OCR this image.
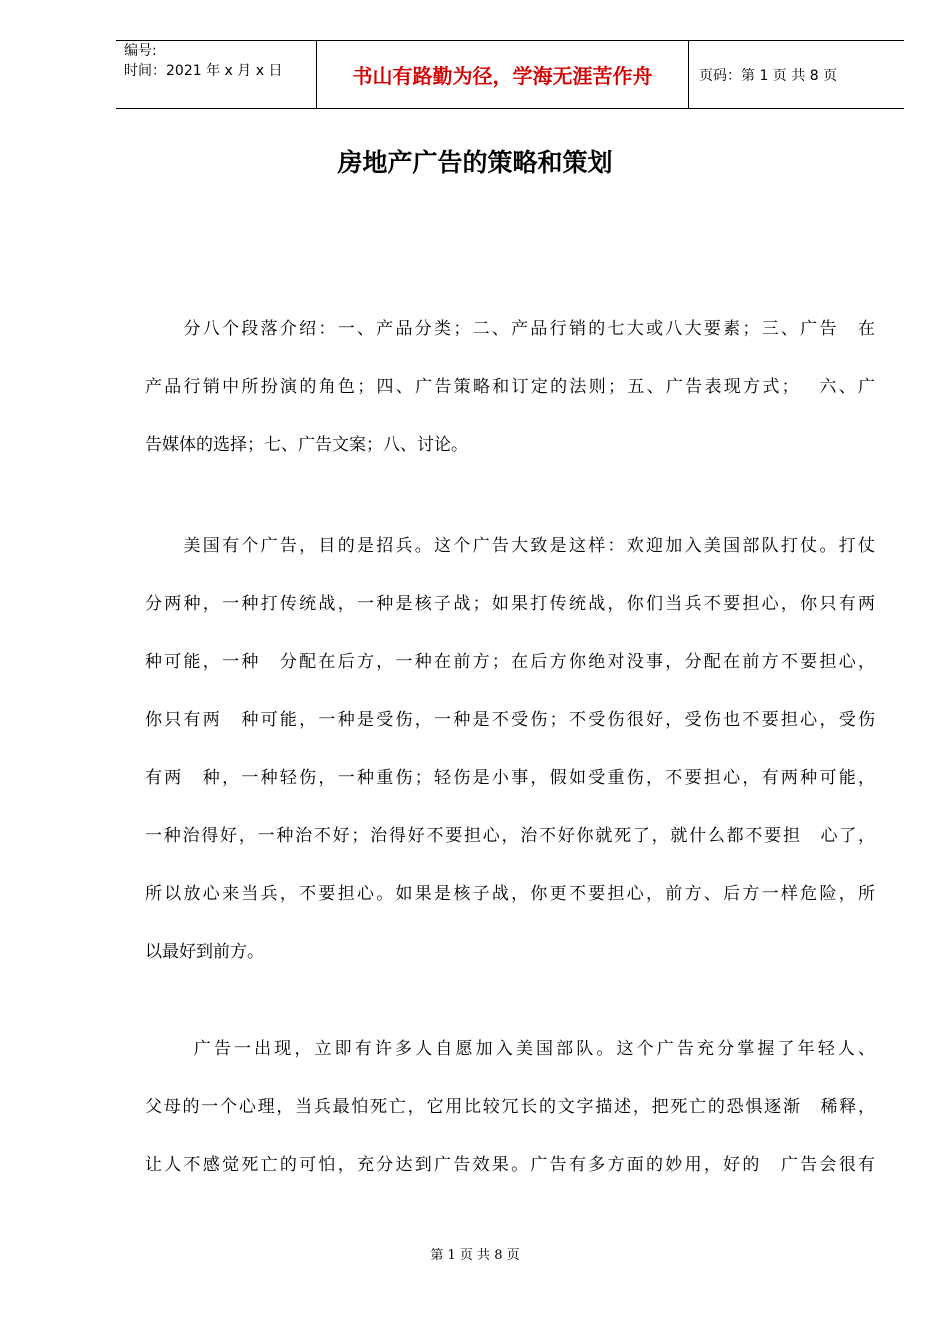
编号:
时间：2021 年 x 月 x 日	书山有路勤为径，学海无涯苦作舟	页码：第 1 页 共 8 页
房地产广告的策略和策划
　　分八个段落介绍：一、产品分类；二、产品行销的七大或八大要素；三、广告　在
产品行销中所扮演的角色；四、广告策略和订定的法则；五、广告表现方式；　 六、广
告媒体的选择；七、广告文案；八、讨论。
　　美国有个广告，目的是招兵。这个广告大致是这样：欢迎加入美国部队打仗。打仗
分两种，一种打传统战，一种是核子战；如果打传统战，你们当兵不要担心，你只有两
种可能，一种　分配在后方，一种在前方；在后方你绝对没事，分配在前方不要担心，
你只有两　种可能，一种是受伤，一种是不受伤；不受伤很好，受伤也不要担心，受伤
有两　种，一种轻伤，一种重伤；轻伤是小事，假如受重伤，不要担心，有两种可能，
一种治得好，一种治不好；治得好不要担心，治不好你就死了，就什么都不要担　心了，
所以放心来当兵，不要担心。如果是核子战，你更不要担心，前方、后方一样危险，所
以最好到前方。
　　 广告一出现，立即有许多人自愿加入美国部队。这个广告充分掌握了年轻人、
父母的一个心理，当兵最怕死亡，它用比较冗长的文字描述，把死亡的恐惧逐渐　稀释，
让人不感觉死亡的可怕，充分达到广告效果。广告有多方面的妙用，好的　广告会很有
第 1 页 共 8 页
